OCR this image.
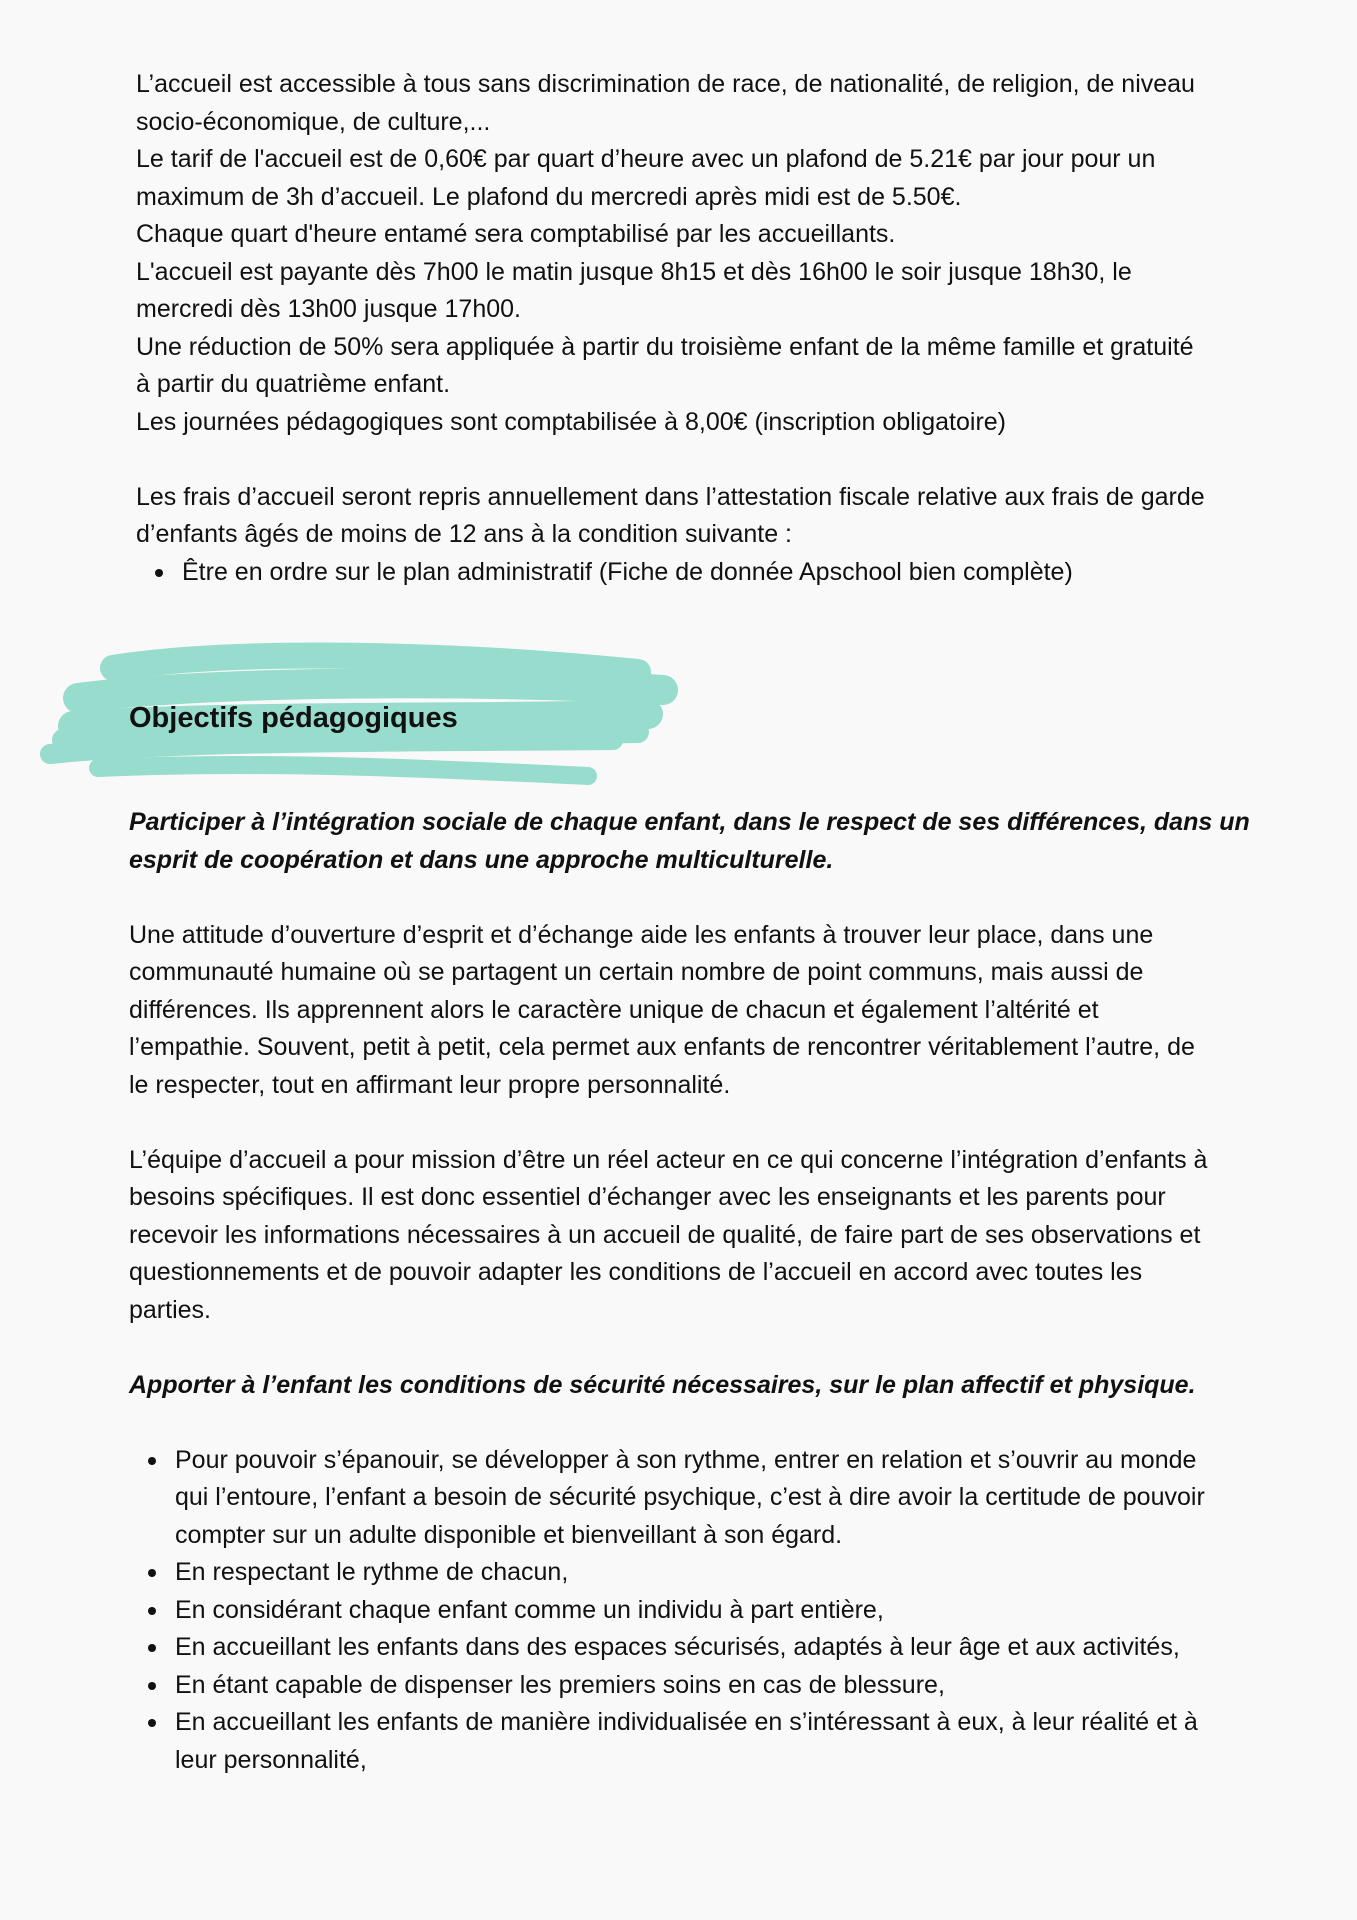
L’accueil est accessible à tous sans discrimination de race, de nationalité, de religion, de niveau
socio-économique, de culture,...
Le tarif de l'accueil est de 0,60€ par quart d’heure avec un plafond de 5.21€ par jour pour un
maximum de 3h d’accueil. Le plafond du mercredi après midi est de 5.50€.
Chaque quart d'heure entamé sera comptabilisé par les accueillants.
L'accueil est payante dès 7h00 le matin jusque 8h15 et dès 16h00 le soir jusque 18h30, le
mercredi dès 13h00 jusque 17h00.
Une réduction de 50% sera appliquée à partir du troisième enfant de la même famille et gratuité
à partir du quatrième enfant.
Les journées pédagogiques sont comptabilisée à 8,00€ (inscription obligatoire)

Les frais d’accueil seront repris annuellement dans l’attestation fiscale relative aux frais de garde
d’enfants âgés de moins de 12 ans à la condition suivante :

Être en ordre sur le plan administratif (Fiche de donnée Apschool bien complète)
Objectifs pédagogiques

Participer à l’intégration sociale de chaque enfant, dans le respect de ses différences, dans un
esprit de coopération et dans une approche multiculturelle.

Une attitude d’ouverture d’esprit et d’échange aide les enfants à trouver leur place, dans une
communauté humaine où se partagent un certain nombre de point communs, mais aussi de
différences. Ils apprennent alors le caractère unique de chacun et également l’altérité et
l’empathie. Souvent, petit à petit, cela permet aux enfants de rencontrer véritablement l’autre, de
le respecter, tout en affirmant leur propre personnalité.

L’équipe d’accueil a pour mission d’être un réel acteur en ce qui concerne l’intégration d’enfants à
besoins spécifiques. Il est donc essentiel d’échanger avec les enseignants et les parents pour
recevoir les informations nécessaires à un accueil de qualité, de faire part de ses observations et
questionnements et de pouvoir adapter les conditions de l’accueil en accord avec toutes les
parties.

Apporter à l’enfant les conditions de sécurité nécessaires, sur le plan affectif et physique.

Pour pouvoir s’épanouir, se développer à son rythme, entrer en relation et s’ouvrir au monde
qui l’entoure, l’enfant a besoin de sécurité psychique, c’est à dire avoir la certitude de pouvoir
compter sur un adulte disponible et bienveillant à son égard.
En respectant le rythme de chacun,
En considérant chaque enfant comme un individu à part entière,
En accueillant les enfants dans des espaces sécurisés, adaptés à leur âge et aux activités,
En étant capable de dispenser les premiers soins en cas de blessure,
En accueillant les enfants de manière individualisée en s’intéressant à eux, à leur réalité et à
leur personnalité,
